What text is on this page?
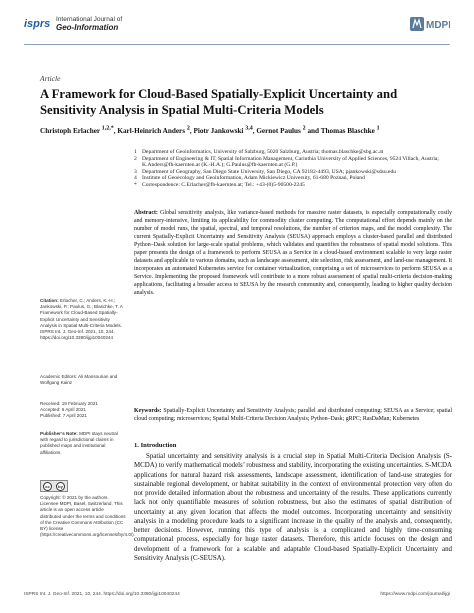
isprs International Journal of
Geo-Information	MDPI
Article
A Framework for Cloud-Based Spatially-Explicit Uncertainty and Sensitivity Analysis in Spatial Multi-Criteria Models
Christoph Erlacher $^{1,2,*}$, Karl-Heinrich Anders $^2$, Piotr Jankowski $^{3,4}$, Gernot Paulus $^2$ and Thomas Blaschke $^1$
1 Department of Geoinformatics, University of Salzburg, 5020 Salzburg, Austria; thomas.blaschke@sbg.ac.at
2 Department of Engineering & IT, Spatial Information Management, Carinthia University of Applied Sciences, 9524 Villach, Austria; K.Anders@fh-kaernten.at (K.-H.A.); G.Paulus@fh-kaernten.at (G.P.)
3 Department of Geography, San Diego State University, San Diego, CA 92182-4493, USA; pjankowski@sdsu.edu
4 Institute of Geoecology and Geoinformation, Adam Mickiewicz University, 61-680 Poznań, Poland
* Correspondence: C.Erlacher@fh-kaernten.at; Tel.: +43-(0)5-90500-2245
Abstract: Global sensitivity analysis, like variance-based methods for massive raster datasets, is especially computationally costly and memory-intensive, limiting its applicability for commodity cluster computing. The computational effort depends mainly on the number of model runs, the spatial, spectral, and temporal resolutions, the number of criterion maps, and the model complexity. The current Spatially-Explicit Uncertainty and Sensitivity Analysis (SEUSA) approach employs a cluster-based parallel and distributed Python–Dask solution for large-scale spatial problems, which validates and quantifies the robustness of spatial model solutions. This paper presents the design of a framework to perform SEUSA as a Service in a cloud-based environment scalable to very large raster datasets and applicable to various domains, such as landscape assessment, site selection, risk assessment, and land-use management. It incorporates an automated Kubernetes service for container virtualization, comprising a set of microservices to perform SEUSA as a Service. Implementing the proposed framework will contribute to a more robust assessment of spatial multi-criteria decision-making applications, facilitating a broader access to SEUSA by the research community and, consequently, leading to higher quality decision analysis.
Keywords: Spatially-Explicit Uncertainty and Sensitivity Analysis; parallel and distributed computing; SEUSA as a Service; spatial cloud computing; microservices; Spatial Multi-Criteria Decision Analysis; Python–Dask; gRPC; RasDaMan; Kubernetes
Citation: Erlacher, C.; Anders, K.-H.; Jankowski, P.; Paulus, G.; Blaschke, T. A Framework for Cloud-Based Spatially-Explicit Uncertainty and Sensitivity Analysis in Spatial Multi-Criteria Models. ISPRS Int. J. Geo-Inf. 2021, 10, 244. https://doi.org/10.3390/ijgi10040244
Academic Editors: Ali Mansourian and Wolfgang Kainz
Received: 19 February 2021
Accepted: 6 April 2021
Published: 7 April 2021
Publisher’s Note: MDPI stays neutral with regard to jurisdictional claims in published maps and institutional affiliations.
cc	by
Copyright: © 2021 by the authors. Licensee MDPI, Basel, Switzerland. This article is an open access article distributed under the terms and conditions of the Creative Commons Attribution (CC BY) license (https://creativecommons.org/licenses/by/4.0/).
1. Introduction
Spatial uncertainty and sensitivity analysis is a crucial step in Spatial Multi-Criteria Decision Analysis (S-MCDA) to verify mathematical models’ robustness and stability, incorporating the existing uncertainties. S-MCDA applications for natural hazard risk assessments, landscape assessment, identification of land-use strategies for sustainable regional development, or habitat suitability in the context of environmental protection very often do not provide detailed information about the robustness and uncertainty of the results. These applications currently lack not only quantifiable measures of solution robustness, but also the estimates of spatial distribution of uncertainty at any given location that affects the model outcomes. Incorporating uncertainty and sensitivity analysis in a modeling procedure leads to a significant increase in the quality of the analysis and, consequently, better decisions. However, running this type of analysis is a complicated and highly time-consuming computational process, especially for huge raster datasets. Therefore, this article focuses on the design and development of a framework for a scalable and adaptable Cloud-based Spatially-Explicit Uncertainty and Sensitivity Analysis (C-SEUSA).
ISPRS Int. J. Geo-Inf. 2021, 10, 244. https://doi.org/10.3390/ijgi10040244	https://www.mdpi.com/journal/ijgi
